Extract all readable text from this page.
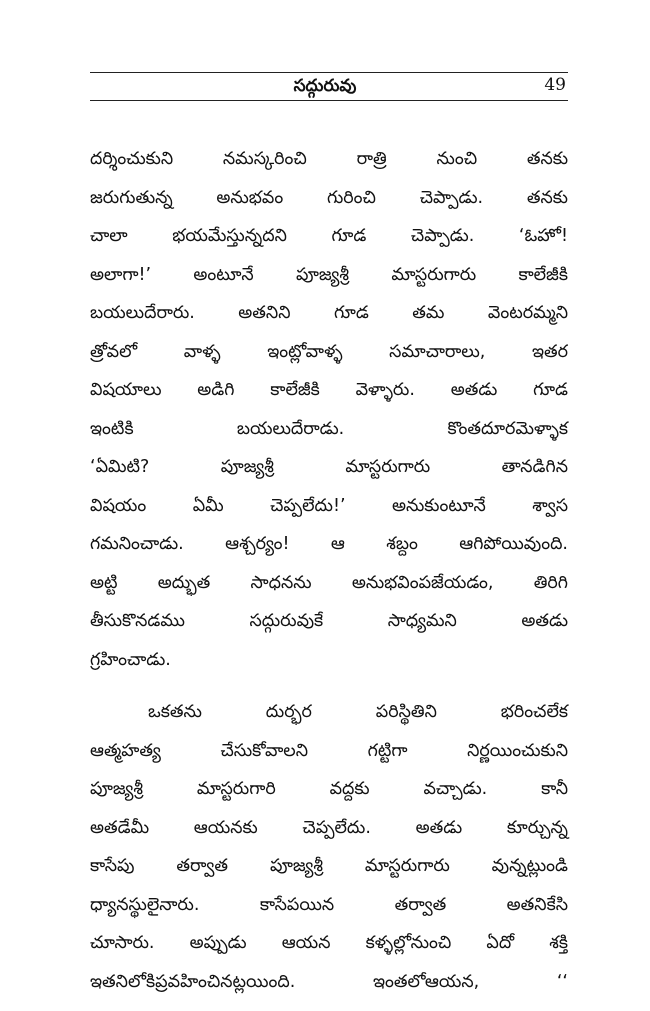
సద్గురువు	49
దర్శించుకుని నమస్కరించి రాత్రి నుంచి తనకు
జరుగుతున్న అనుభవం గురించి చెప్పాడు. తనకు
చాలా భయమేస్తున్నదని గూడ చెప్పాడు. ‘ఓహో!
అలాగా!’ అంటూనే పూజ్యశ్రీ మాస్టరుగారు కాలేజీకి
బయలుదేరారు. అతనిని గూడ తమ వెంటరమ్మని
త్రోవలో వాళ్ళ ఇంట్లోవాళ్ళ సమాచారాలు, ఇతర
విషయాలు అడిగి కాలేజీకి వెళ్ళారు. అతడు గూడ
ఇంటికి బయలుదేరాడు. కొంతదూరమెళ్ళాక
‘ఏమిటి? పూజ్యశ్రీ మాస్టరుగారు తానడిగిన
విషయం ఏమీ చెప్పలేదు!’ అనుకుంటూనే శ్వాస
గమనించాడు. ఆశ్చర్యం! ఆ శబ్దం ఆగిపోయివుంది.
అట్టి అద్భుత సాధనను అనుభవింపజేయడం, తిరిగి
తీసుకొనడము సద్గురువుకే సాధ్యమని అతడు
గ్రహించాడు.
ఒకతను దుర్భర పరిస్థితిని భరించలేక
ఆత్మహత్య చేసుకోవాలని గట్టిగా నిర్ణయించుకుని
పూజ్యశ్రీ మాస్టరుగారి వద్దకు వచ్చాడు. కానీ
అతడేమీ ఆయనకు చెప్పలేదు. అతడు కూర్చున్న
కాసేపు తర్వాత పూజ్యశ్రీ మాస్టరుగారు వున్నట్లుండి
ధ్యానస్థులైనారు. కాసేపయిన తర్వాత అతనికేసి
చూసారు. అప్పుడు ఆయన కళ్ళల్లోనుంచి ఏదో శక్తి
ఇతనిలోకిప్రవహించినట్లయింది. ఇంతలోఆయన, ‘‘
